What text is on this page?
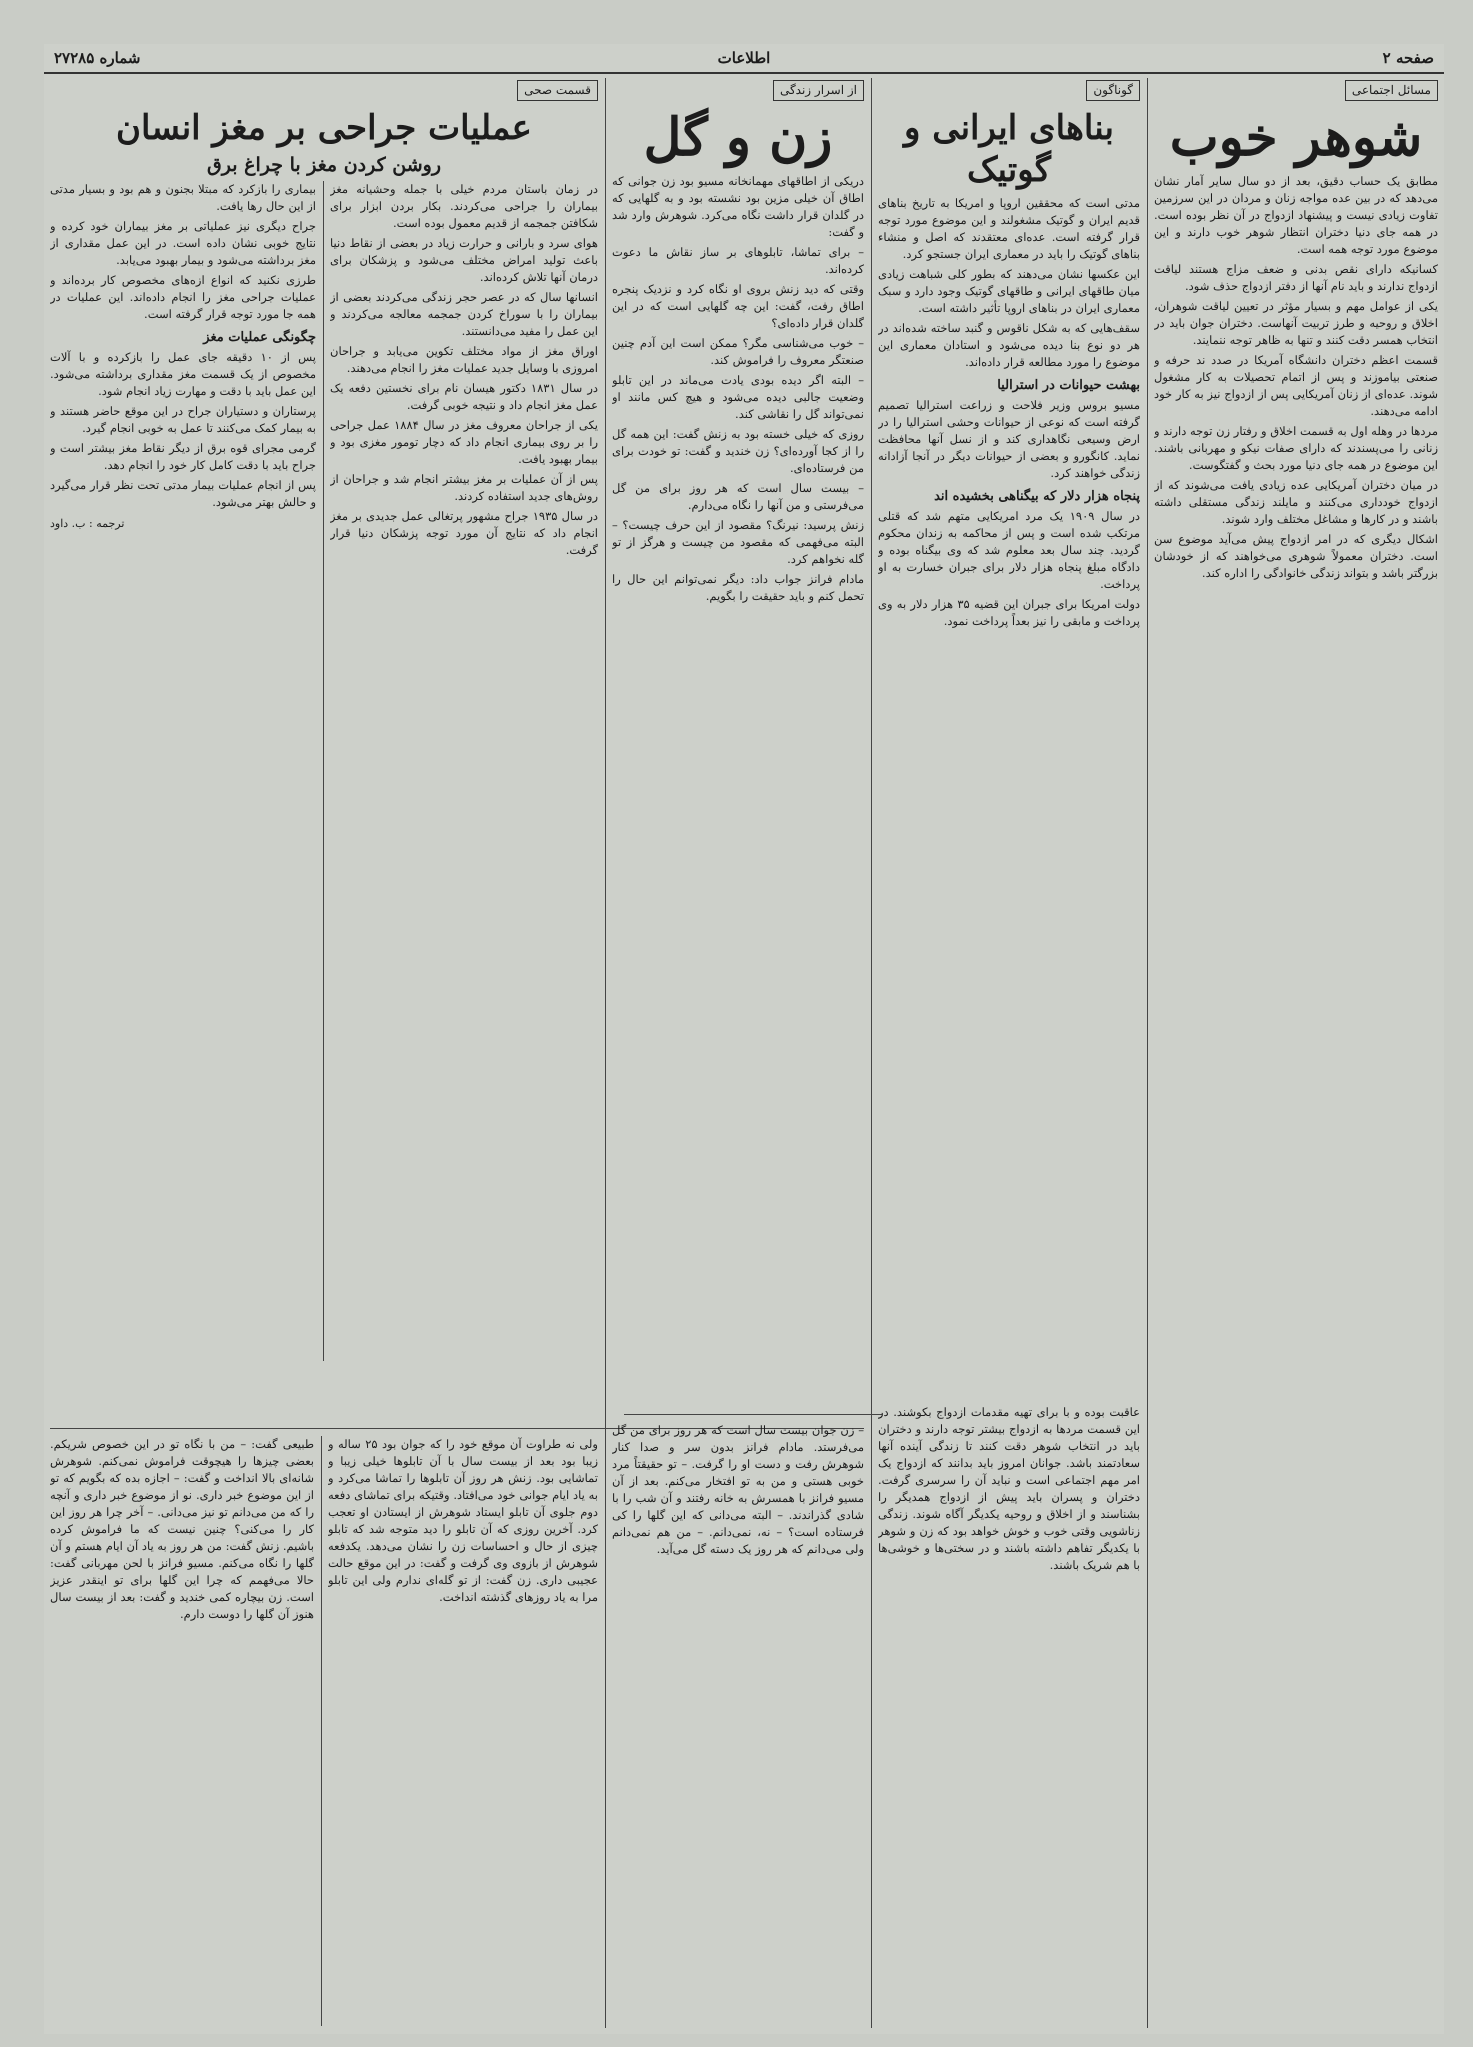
صفحه ۲
اطلاعات
شماره ۲۷۲۸۵
مسائل اجتماعی
شوهر خوب

مطابق یک حساب دقیق، بعد از دو سال سایر آمار نشان می‌دهد که در بین عده مواجه زنان و مردان در این سرزمین تفاوت زیادی نیست و پیشنهاد ازدواج در آن نظر بوده است. در همه جای دنیا دختران انتظار شوهر خوب دارند و این موضوع مورد توجه همه است.

کسانیکه دارای نقص بدنی و ضعف مزاج هستند لیاقت ازدواج ندارند و باید نام آنها از دفتر ازدواج حذف شود.

یکی از عوامل مهم و بسیار مؤثر در تعیین لیاقت شوهران، اخلاق و روحیه و طرز تربیت آنهاست. دختران جوان باید در انتخاب همسر دقت کنند و تنها به ظاهر توجه ننمایند.

قسمت اعظم دختران دانشگاه آمریکا در صدد ند حرفه و صنعتی بیاموزند و پس از اتمام تحصیلات به کار مشغول شوند. عده‌ای از زنان آمریکایی پس از ازدواج نیز به کار خود ادامه می‌دهند.

مردها در وهله اول به قسمت اخلاق و رفتار زن توجه دارند و زنانی را می‌پسندند که دارای صفات نیکو و مهربانی باشند. این موضوع در همه جای دنیا مورد بحث و گفتگوست.

در میان دختران آمریکایی عده زیادی یافت می‌شوند که از ازدواج خودداری می‌کنند و مایلند زندگی مستقلی داشته باشند و در کارها و مشاغل مختلف وارد شوند.

اشکال دیگری که در امر ازدواج پیش می‌آید موضوع سن است. دختران معمولاً شوهری می‌خواهند که از خودشان بزرگتر باشد و بتواند زندگی خانوادگی را اداره کند.

گوناگون
بناهای ایرانی و گوتیک

مدتی است که محققین اروپا و امریکا به تاریخ بناهای قدیم ایران و گوتیک مشغولند و این موضوع مورد توجه قرار گرفته است. عده‌ای معتقدند که اصل و منشاء بناهای گوتیک را باید در معماری ایران جستجو کرد.

این عکسها نشان می‌دهند که بطور کلی شباهت زیادی میان طاقهای ایرانی و طاقهای گوتیک وجود دارد و سبک معماری ایران در بناهای اروپا تأثیر داشته است.

سقف‌هایی که به شکل ناقوس و گنبد ساخته شده‌اند در هر دو نوع بنا دیده می‌شود و استادان معماری این موضوع را مورد مطالعه قرار داده‌اند.

بهشت حیوانات در استرالیا

مسیو بروس وزیر فلاحت و زراعت استرالیا تصمیم گرفته است که نوعی از حیوانات وحشی استرالیا را در ارض وسیعی نگاهداری کند و از نسل آنها محافظت نماید. کانگورو و بعضی از حیوانات دیگر در آنجا آزادانه زندگی خواهند کرد.

پنجاه هزار دلار که بیگناهی بخشیده اند

در سال ۱۹۰۹ یک مرد امریکایی متهم شد که قتلی مرتکب شده است و پس از محاکمه به زندان محکوم گردید. چند سال بعد معلوم شد که وی بیگناه بوده و دادگاه مبلغ پنجاه هزار دلار برای جبران خسارت به او پرداخت.

دولت امریکا برای جبران این قضیه ۳۵ هزار دلار به وی پرداخت و مابقی را نیز بعداً پرداخت نمود.

از اسرار زندگی
زن و گل

دریکی از اطاقهای مهمانخانه مسیو بود زن جوانی که اطاق آن خیلی مزین بود نشسته بود و به گلهایی که در گلدان قرار داشت نگاه می‌کرد. شوهرش وارد شد و گفت:

– برای تماشا، تابلوهای بر ساز نقاش ما دعوت کرده‌اند.

وقتی که دید زنش بروی او نگاه کرد و نزدیک پنجره اطاق رفت، گفت: این چه گلهایی است که در این گلدان قرار داده‌ای؟

– خوب می‌شناسی مگر؟ ممکن است این آدم چنین صنعتگر معروف را فراموش کند.

– البته اگر دیده بودی یادت می‌ماند در این تابلو وضعیت جالبی دیده می‌شود و هیچ کس مانند او نمی‌تواند گل را نقاشی کند.

روزی که خیلی خسته بود به زنش گفت: این همه گل را از کجا آورده‌ای؟ زن خندید و گفت: تو خودت برای من فرستاده‌ای.

– بیست سال است که هر روز برای من گل می‌فرستی و من آنها را نگاه می‌دارم.

زنش پرسید: نیرنگ؟ مقصود از این حرف چیست؟ – البته می‌فهمی که مقصود من چیست و هرگز از تو گله نخواهم کرد.

مادام فرانز جواب داد: دیگر نمی‌توانم این حال را تحمل کنم و باید حقیقت را بگویم.

قسمت صحی
عملیات جراحی بر مغز انسان
روشن کردن مغز با چراغ برق

در زمان باستان مردم خیلی با جمله وحشیانه مغز بیماران را جراحی می‌کردند. بکار بردن ابزار برای شکافتن جمجمه از قدیم معمول بوده است.

هوای سرد و بارانی و حرارت زیاد در بعضی از نقاط دنیا باعث تولید امراض مختلف می‌شود و پزشکان برای درمان آنها تلاش کرده‌اند.

انسانها سال که در عصر حجر زندگی می‌کردند بعضی از بیماران را با سوراخ کردن جمجمه معالجه می‌کردند و این عمل را مفید می‌دانستند.

اوراق مغز از مواد مختلف تکوین می‌یابد و جراحان امروزی با وسایل جدید عملیات مغز را انجام می‌دهند.

در سال ۱۸۳۱ دکتور هیسان نام برای نخستین دفعه یک عمل مغز انجام داد و نتیجه خوبی گرفت.

یکی از جراحان معروف مغز در سال ۱۸۸۴ عمل جراحی را بر روی بیماری انجام داد که دچار تومور مغزی بود و بیمار بهبود یافت.

پس از آن عملیات بر مغز بیشتر انجام شد و جراحان از روش‌های جدید استفاده کردند.

در سال ۱۹۳۵ جراح مشهور پرتغالی عمل جدیدی بر مغز انجام داد که نتایج آن مورد توجه پزشکان دنیا قرار گرفت.

بیماری را بازکرد که مبتلا بجنون و هم بود و بسیار مدتی از این حال رها یافت.

جراح دیگری نیز عملیاتی بر مغز بیماران خود کرده و نتایج خوبی نشان داده است. در این عمل مقداری از مغز برداشته می‌شود و بیمار بهبود می‌یابد.

طرزی نکنید که انواع از‌ه‌های مخصوص کار برده‌اند و عملیات جراحی مغز را انجام داده‌اند. این عملیات در همه جا مورد توجه قرار گرفته است.

چگونگی عملیات مغز

پس از ۱۰ دقیقه جای عمل را بازکرده و با آلات مخصوص از یک قسمت مغز مقداری برداشته می‌شود. این عمل باید با دقت و مهارت زیاد انجام شود.

پرستاران و دستیاران جراح در این موقع حاضر هستند و به بیمار کمک می‌کنند تا عمل به خوبی انجام گیرد.

گرمی مجرای قوه برق از دیگر نقاط مغز بیشتر است و جراح باید با دقت کامل کار خود را انجام دهد.

پس از انجام عملیات بیمار مدتی تحت نظر قرار می‌گیرد و حالش بهتر می‌شود.

ترجمه : ب. داود

ولی نه طراوت آن موقع خود را که جوان بود ۲۵ ساله و زیبا بود بعد از بیست سال با آن تابلوها خیلی زیبا و تماشایی بود. زنش هر روز آن تابلوها را تماشا می‌کرد و به یاد ایام جوانی خود می‌افتاد. وقتیکه برای تماشای دفعه دوم جلوی آن تابلو ایستاد شوهرش از ایستادن او تعجب کرد. آخرین روزی که آن تابلو را دید متوجه شد که تابلو چیزی از حال و احساسات زن را نشان می‌دهد. یکدفعه شوهرش از بازوی وی گرفت و گفت: در این موقع حالت عجیبی داری. زن گفت: از تو گله‌ای ندارم ولی این تابلو مرا به یاد روزهای گذشته انداخت.

طبیعی گفت: – من با نگاه تو در این خصوص شریکم. بعضی چیزها را هیچوقت فراموش نمی‌کنم. شوهرش شانه‌ای بالا انداخت و گفت: – اجازه بده که بگویم که تو از این موضوع خبر داری. نو از موضوع خبر داری و آنچه را که من می‌دانم تو نیز می‌دانی. – آخر چرا هر روز این کار را می‌کنی؟ چنین نیست که ما فراموش کرده باشیم. زنش گفت: من هر روز به یاد آن ایام هستم و آن گلها را نگاه می‌کنم. مسیو فرانز با لحن مهربانی گفت: حالا می‌فهمم که چرا این گلها برای تو اینقدر عزیز است. زن بیچاره کمی خندید و گفت: بعد از بیست سال هنوز آن گلها را دوست دارم.

– زن جوان بیست سال است که هر روز برای من گل می‌فرستد. مادام فرانز بدون سر و صدا کنار شوهرش رفت و دست او را گرفت. – تو حقیقتاً مرد خوبی هستی و من به تو افتخار می‌کنم. بعد از آن مسیو فرانز با همسرش به خانه رفتند و آن شب را با شادی گذراندند. – البته می‌دانی که این گلها را کی فرستاده است؟ – نه، نمی‌دانم. – من هم نمی‌دانم ولی می‌دانم که هر روز یک دسته گل می‌آید.

عاقبت بوده و با برای تهیه مقدمات ازدواج بکوشند. در این قسمت مردها به ازدواج بیشتر توجه دارند و دختران باید در انتخاب شوهر دقت کنند تا زندگی آینده آنها سعادتمند باشد. جوانان امروز باید بدانند که ازدواج یک امر مهم اجتماعی است و نباید آن را سرسری گرفت. دختران و پسران باید پیش از ازدواج همدیگر را بشناسند و از اخلاق و روحیه یکدیگر آگاه شوند. زندگی زناشویی وقتی خوب و خوش خواهد بود که زن و شوهر با یکدیگر تفاهم داشته باشند و در سختی‌ها و خوشی‌ها با هم شریک باشند.
